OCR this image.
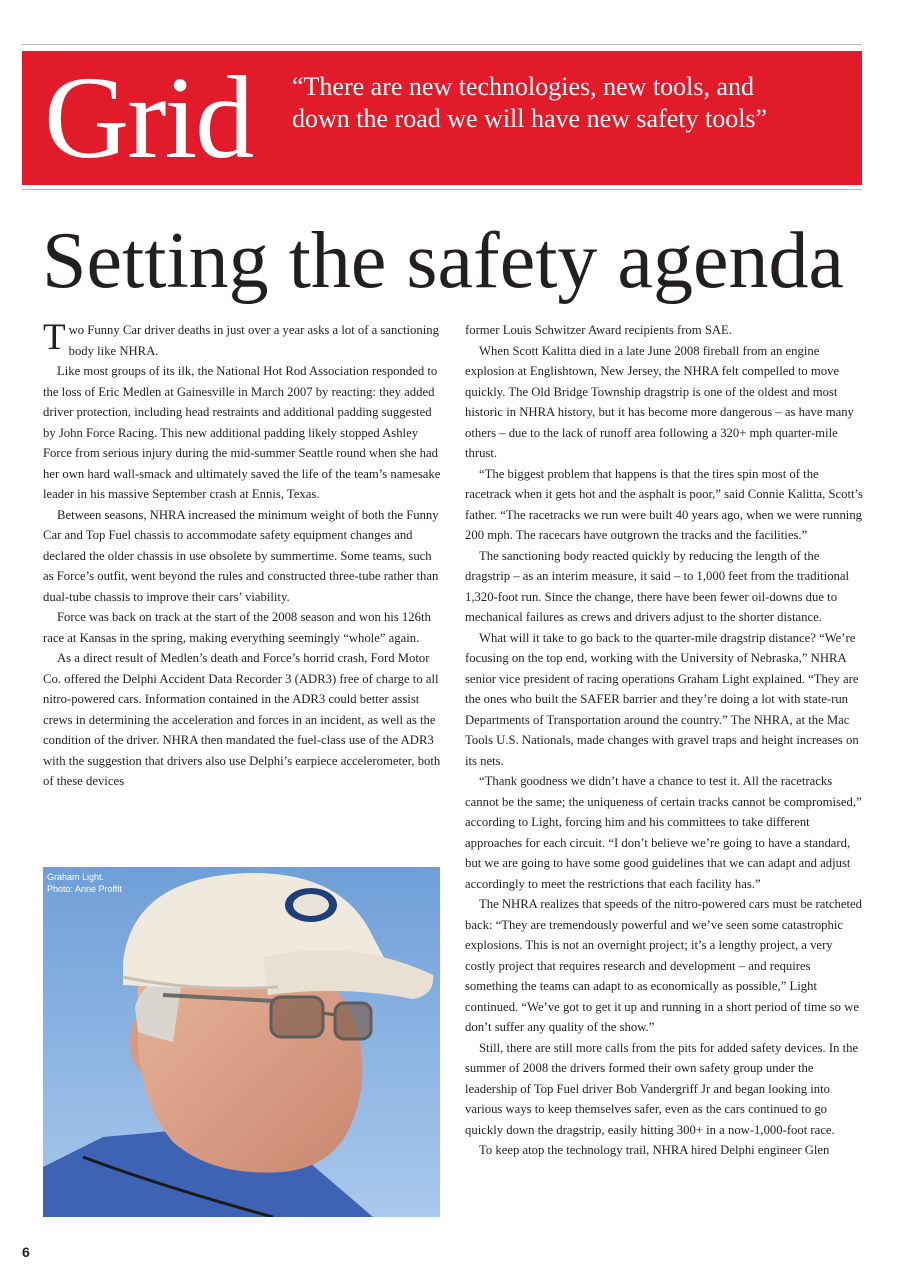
Grid “There are new technologies, new tools, and
down the road we will have new safety tools”
Setting the safety agenda

Two Funny Car driver deaths in just over a year asks a lot of a sanctioning body like NHRA.

Like most groups of its ilk, the National Hot Rod Association responded to the loss of Eric Medlen at Gainesville in March 2007 by reacting: they added driver protection, including head restraints and additional padding suggested by John Force Racing. This new additional padding likely stopped Ashley Force from serious injury during the mid-summer Seattle round when she had her own hard wall-smack and ultimately saved the life of the team’s namesake leader in his massive September crash at Ennis, Texas.

Between seasons, NHRA increased the minimum weight of both the Funny Car and Top Fuel chassis to accommodate safety equipment changes and declared the older chassis in use obsolete by summertime. Some teams, such as Force’s outfit, went beyond the rules and constructed three-tube rather than dual-tube chassis to improve their cars’ viability.

Force was back on track at the start of the 2008 season and won his 126th race at Kansas in the spring, making everything seemingly “whole” again.

As a direct result of Medlen’s death and Force’s horrid crash, Ford Motor Co. offered the Delphi Accident Data Recorder 3 (ADR3) free of charge to all nitro-powered cars. Information contained in the ADR3 could better assist crews in determining the acceleration and forces in an incident, as well as the condition of the driver. NHRA then mandated the fuel-class use of the ADR3 with the suggestion that drivers also use Delphi’s earpiece accelerometer, both of these devices

Graham Light.
Photo: Anne Proffit

former Louis Schwitzer Award recipients from SAE.

When Scott Kalitta died in a late June 2008 fireball from an engine explosion at Englishtown, New Jersey, the NHRA felt compelled to move quickly. The Old Bridge Township dragstrip is one of the oldest and most historic in NHRA history, but it has become more dangerous – as have many others – due to the lack of runoff area following a 320+ mph quarter-mile thrust.

“The biggest problem that happens is that the tires spin most of the racetrack when it gets hot and the asphalt is poor,” said Connie Kalitta, Scott’s father. “The racetracks we run were built 40 years ago, when we were running 200 mph. The racecars have outgrown the tracks and the facilities.”

The sanctioning body reacted quickly by reducing the length of the dragstrip – as an interim measure, it said – to 1,000 feet from the traditional 1,320-foot run. Since the change, there have been fewer oil-downs due to mechanical failures as crews and drivers adjust to the shorter distance.

What will it take to go back to the quarter-mile dragstrip distance? “We’re focusing on the top end, working with the University of Nebraska,” NHRA senior vice president of racing operations Graham Light explained. “They are the ones who built the SAFER barrier and they’re doing a lot with state-run Departments of Transportation around the country.” The NHRA, at the Mac Tools U.S. Nationals, made changes with gravel traps and height increases on its nets.

“Thank goodness we didn’t have a chance to test it. All the racetracks cannot be the same; the uniqueness of certain tracks cannot be compromised,” according to Light, forcing him and his committees to take different approaches for each circuit. “I don’t believe we’re going to have a standard, but we are going to have some good guidelines that we can adapt and adjust accordingly to meet the restrictions that each facility has.”

The NHRA realizes that speeds of the nitro-powered cars must be ratcheted back: “They are tremendously powerful and we’ve seen some catastrophic explosions. This is not an overnight project; it’s a lengthy project, a very costly project that requires research and development – and requires something the teams can adapt to as economically as possible,” Light continued. “We’ve got to get it up and running in a short period of time so we don’t suffer any quality of the show.”

Still, there are still more calls from the pits for added safety devices. In the summer of 2008 the drivers formed their own safety group under the leadership of Top Fuel driver Bob Vandergriff Jr and began looking into various ways to keep themselves safer, even as the cars continued to go quickly down the dragstrip, easily hitting 300+ in a now-1,000-foot race.

To keep atop the technology trail, NHRA hired Delphi engineer Glen

6
